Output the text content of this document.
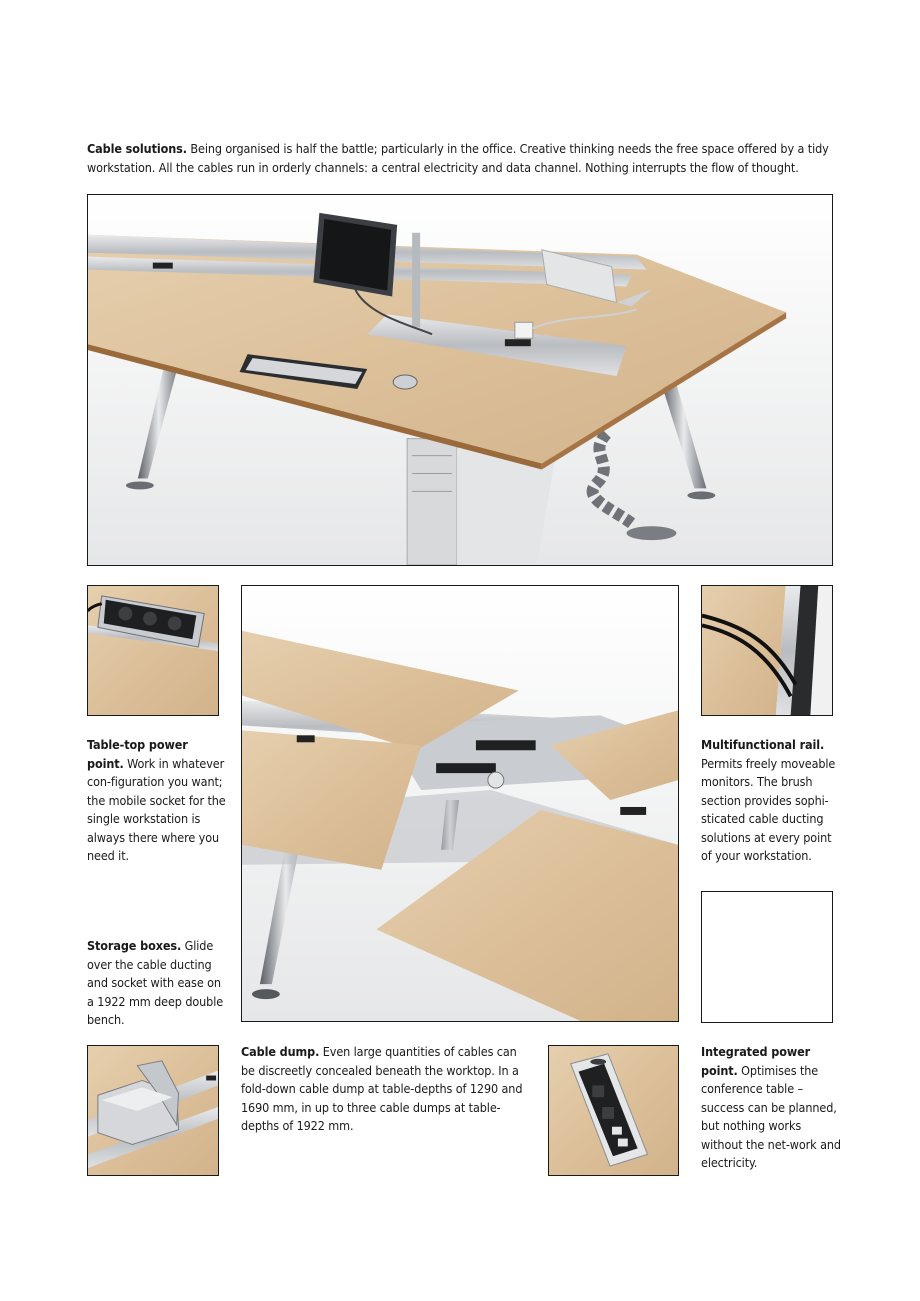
Cable solutions. Being organised is half the battle; particularly in the office. Creative thinking needs the free space offered by a tidy workstation. All the cables run in orderly channels: a central electricity and data channel. Nothing interrupts the flow of thought.
Table-top power point. Work in whatever con-figuration you want; the mobile socket for the single workstation is always there where you need it.
Storage boxes. Glide over the cable ducting and socket with ease on a 1922 mm deep double bench.
Multifunctional rail. Permits freely moveable monitors. The brush section provides sophi-sticated cable ducting solutions at every point of your workstation.
Cable dump. Even large quantities of cables can be discreetly concealed beneath the worktop. In a fold-down cable dump at table-depths of 1290 and 1690 mm, in up to three cable dumps at table-depths of 1922 mm.
Integrated power point. Optimises the conference table – success can be planned, but nothing works without the net-work and electricity.
